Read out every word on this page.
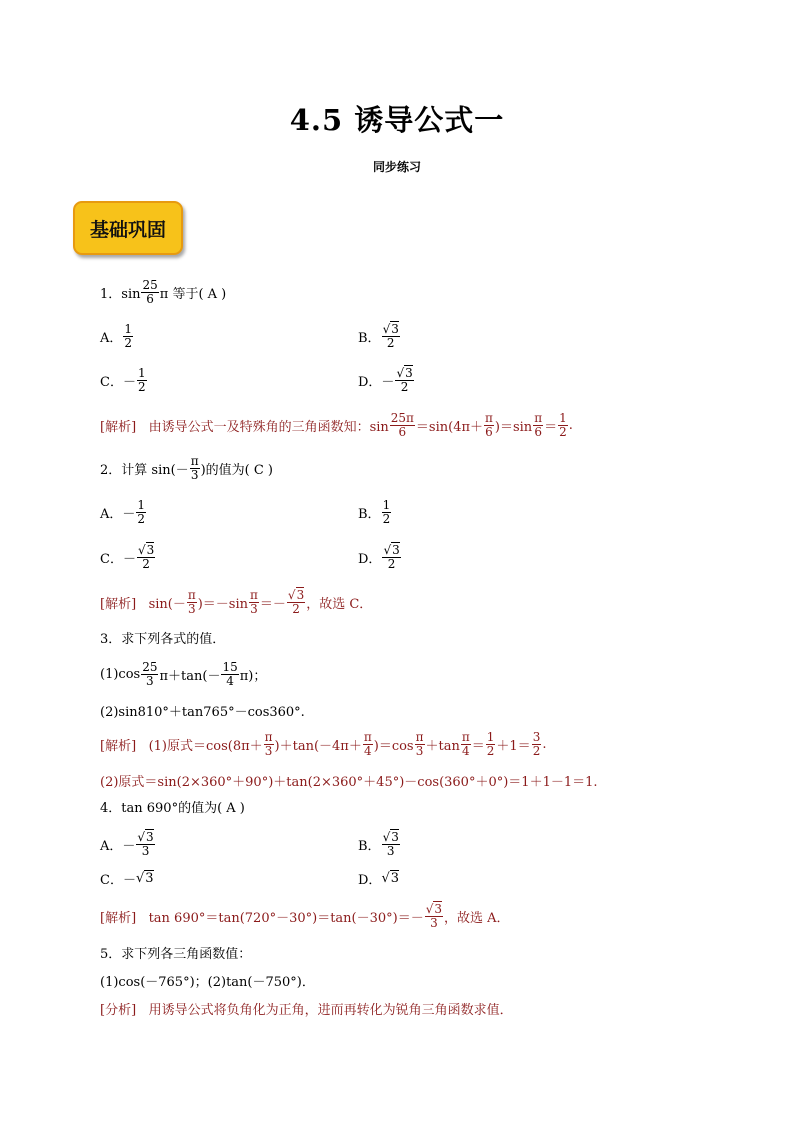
4.5 诱导公式一
同步练习
基础巩固
1．$\sin \frac{25}{6}$ π 等于( A )
A． $\frac{1}{2}$	B． $\frac{√3}{2}$
C．－ $\frac{1}{2}$	D．－ $\frac{√3}{2}$
[解析]
由诱导公式一及特殊角的三角函数知：$\sin \frac{25\pi}{6} =\sin(4\pi+ \frac{\pi}{6} )=\sin \frac{\pi}{6} = \frac{1}{2}$ .
2．计算 $\sin(- \frac{\pi}{3}$ )的值为( C )
A．－ $\frac{1}{2}$	B． $\frac{1}{2}$
C．－ $\frac{√3}{2}$	D． $\frac{√3}{2}$
[解析]
$\sin(- \frac{\pi}{3} )=-\sin \frac{\pi}{3} =- \frac{√3}{2}$ ，故选 C．
3．求下列各式的值．
$(1)\cos \frac{25}{3} \pi+\tan(- \frac{15}{4} \pi)$；
(2)sin810°＋tan765°－cos360°.
[解析]
(1)原式$=\cos(8\pi+ \frac{\pi}{3} )+\tan(-4\pi+ \frac{\pi}{4} )=\cos \frac{\pi}{3} +\tan \frac{\pi}{4} = \frac{1}{2} +1= \frac{3}{2}$ .
(2)原式＝sin(2×360°＋90°)＋tan(2×360°＋45°)－cos(360°＋0°)＝1＋1－1＝1.
4．tan 690°的值为( A )
A．－ $\frac{√3}{3}$	B． $\frac{√3}{3}$
C．－ √3	D． √3
[解析]
$\tan 690^\circ=\tan(720^\circ-30^\circ)=\tan(-30^\circ)=- \frac{√3}{3}$ ，故选 A．
5．求下列各三角函数值：
(1)cos(－765°)；(2)tan(－750°)．
[分析]
用诱导公式将负角化为正角，进而再转化为锐角三角函数求值．
